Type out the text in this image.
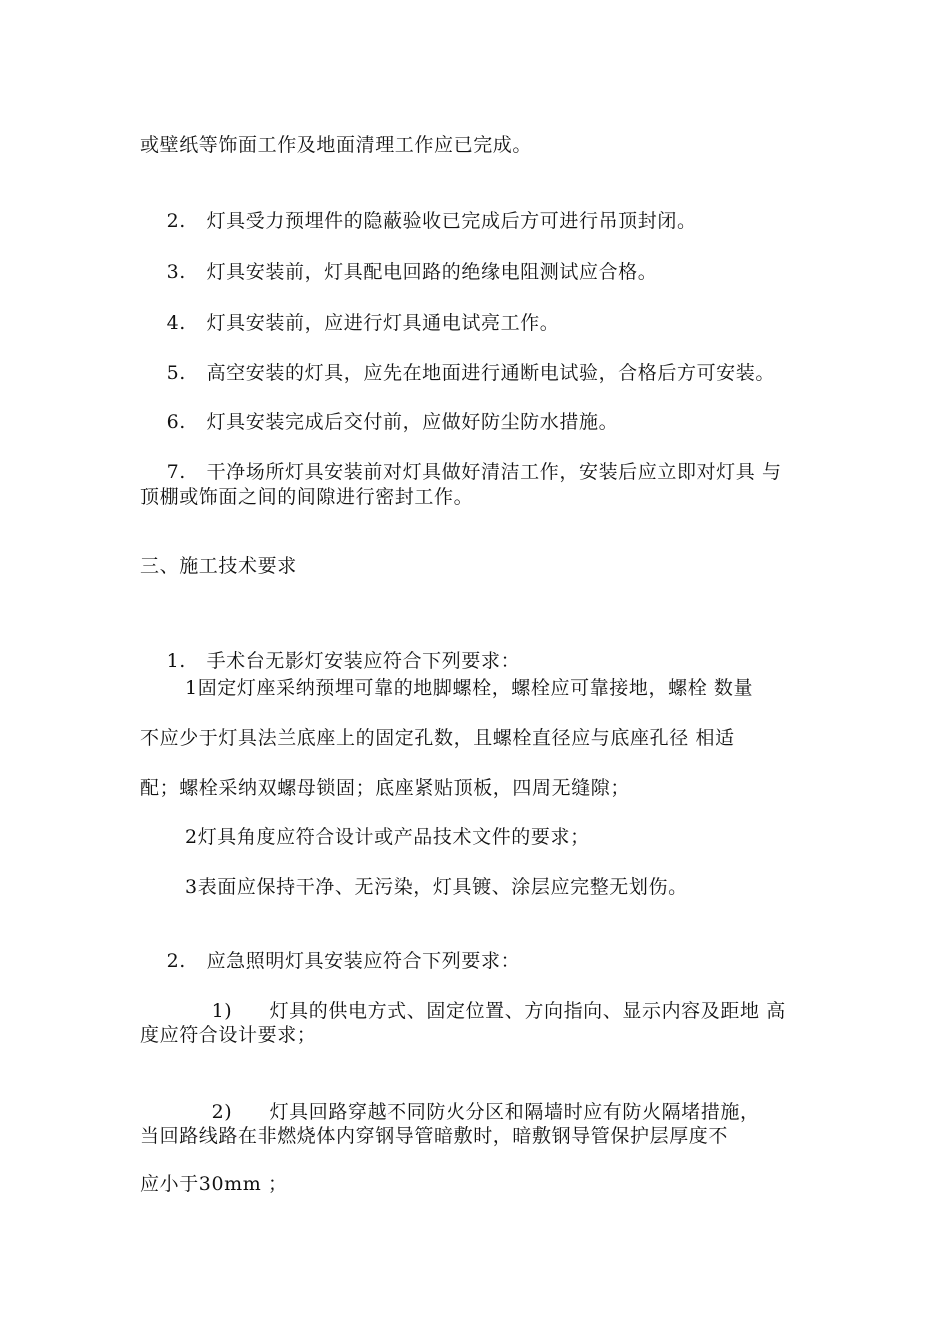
或壁纸等饰面工作及地面清理工作应已完成。

2. 灯具受力预埋件的隐蔽验收已完成后方可进行吊顶封闭。

3. 灯具安装前，灯具配电回路的绝缘电阻测试应合格。

4. 灯具安装前，应进行灯具通电试亮工作。

5. 高空安装的灯具，应先在地面进行通断电试验，合格后方可安装。

6. 灯具安装完成后交付前，应做好防尘防水措施。

7. 干净场所灯具安装前对灯具做好清洁工作，安装后应立即对灯具 与

顶棚或饰面之间的间隙进行密封工作。
三、施工技术要求

1. 手术台无影灯安装应符合下列要求：

1固定灯座采纳预埋可靠的地脚螺栓，螺栓应可靠接地，螺栓 数量
不应少于灯具法兰底座上的固定孔数，且螺栓直径应与底座孔径 相适
配；螺栓采纳双螺母锁固；底座紧贴顶板，四周无缝隙；
2灯具角度应符合设计或产品技术文件的要求；
3表面应保持干净、无污染，灯具镀、涂层应完整无划伤。

2. 应急照明灯具安装应符合下列要求：

1) 灯具的供电方式、固定位置、方向指向、显示内容及距地 高

度应符合设计要求；

2) 灯具回路穿越不同防火分区和隔墙时应有防火隔堵措施，

当回路线路在非燃烧体内穿钢导管暗敷时，暗敷钢导管保护层厚度不
应小于30mm ；
